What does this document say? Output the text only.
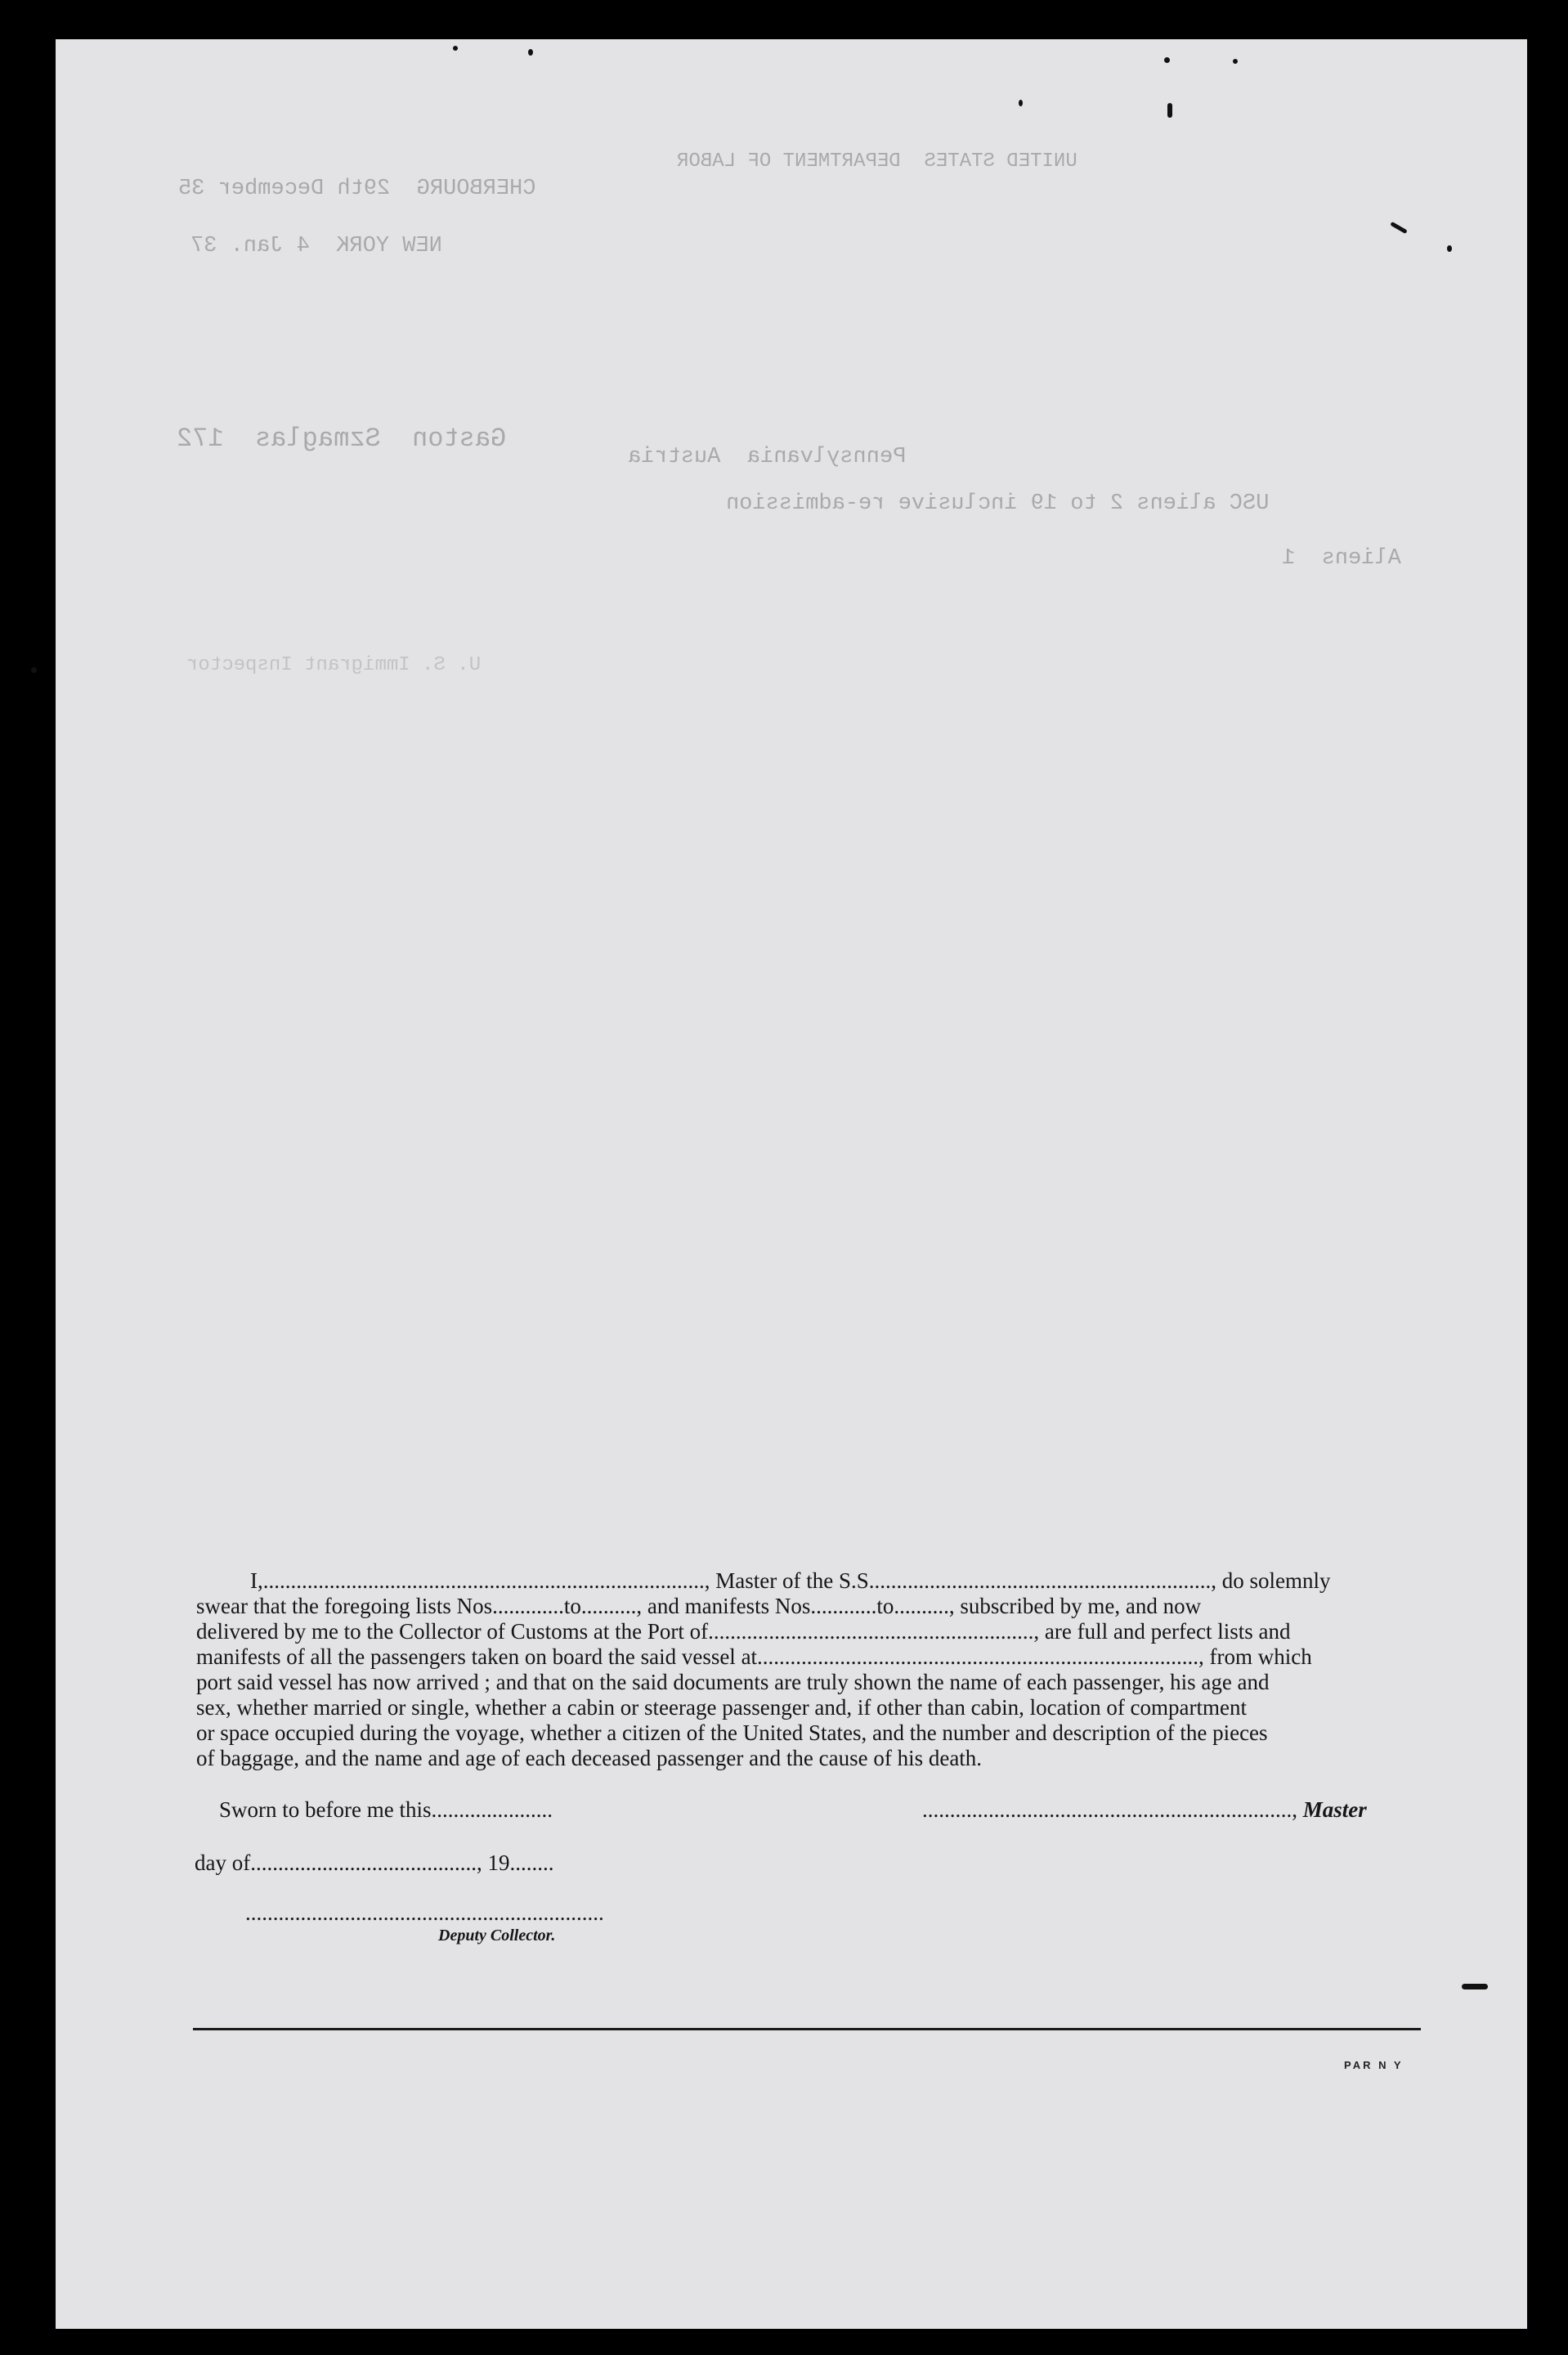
UNITED STATES  DEPARTMENT OF LABOR
CHERBOURG  29th December 35
NEW YORK  4 Jan. 37
Gaston  Szmaglas  172
Pennsylvania  Austria
USC aliens 2 to 19 inclusive re-admission
Aliens  1
U. S. Immigrant Inspector

I,................................................................................, Master of the S.S.............................................................., do solemnly

swear that the foregoing lists Nos.............to.........., and manifests Nos............to.........., subscribed by me, and now

delivered by me to the Collector of Customs at the Port of..........................................................., are full and perfect lists and

manifests of all the passengers taken on board the said vessel at................................................................................, from which

port said vessel has now arrived ; and that on the said documents are truly shown the name of each passenger, his age and

sex, whether married or single, whether a cabin or steerage passenger and, if other than cabin, location of compartment

or space occupied during the voyage, whether a citizen of the United States, and the number and description of the pieces

of baggage, and the name and age of each deceased passenger and the cause of his death.

Sworn to before me this......................	..................................................................., Master
day of........................................., 19........
.................................................................
Deputy Collector.
PAR N Y
